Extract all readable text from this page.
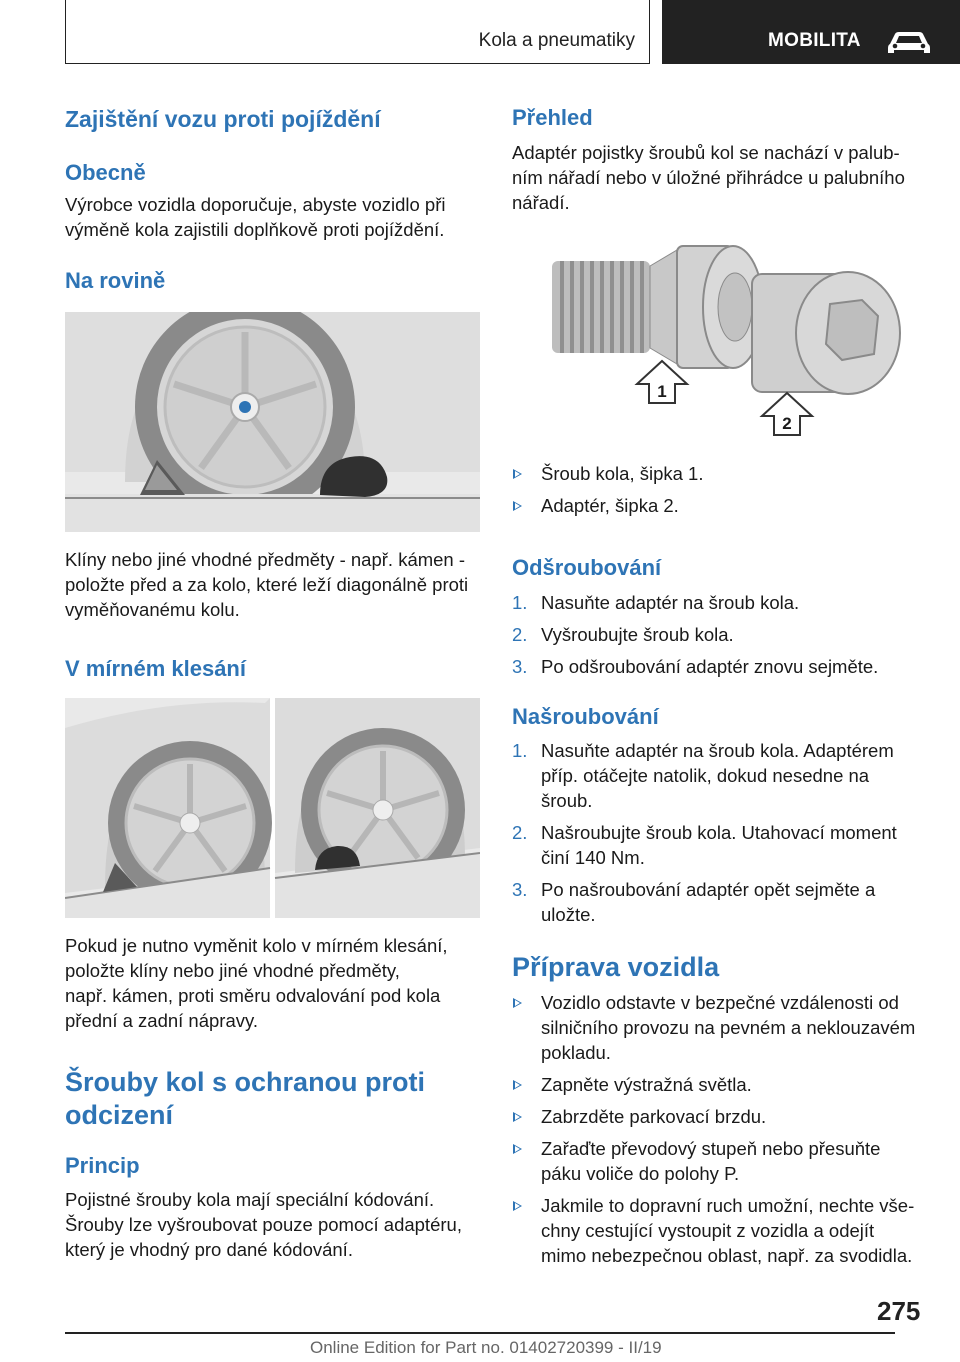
Kola a pneumatiky	MOBILITA
Zajištění vozu proti pojíždění
Obecně
Výrobce vozidla doporučuje, abyste vozidlo při
výměně kola zajistili doplňkově proti pojíždění.
Na rovině
Klíny nebo jiné vhodné předměty - např. kámen -
položte před a za kolo, které leží diagonálně proti
vyměňovanému kolu.
V mírném klesání
Pokud je nutno vyměnit kolo v mírném klesání,
položte klíny nebo jiné vhodné předměty,
např. kámen, proti směru odvalování pod kola
přední a zadní nápravy.
Šrouby kol s ochranou proti odcizení
Princip
Pojistné šrouby kola mají speciální kódování.
Šrouby lze vyšroubovat pouze pomocí adaptéru,
který je vhodný pro dané kódování.
Přehled
Adaptér pojistky šroubů kol se nachází v palub-
ním nářadí nebo v úložné přihrádce u palubního
nářadí.
1
2
Šroub kola, šipka 1.
Adaptér, šipka 2.
Odšroubování
1. Nasuňte adaptér na šroub kola.
2. Vyšroubujte šroub kola.
3. Po odšroubování adaptér znovu sejměte.
Našroubování
1. Nasuňte adaptér na šroub kola. Adaptérem
příp. otáčejte natolik, dokud nesedne na
šroub.
2. Našroubujte šroub kola. Utahovací moment
činí 140 Nm.
3. Po našroubování adaptér opět sejměte a
uložte.
Příprava vozidla
Vozidlo odstavte v bezpečné vzdálenosti od
silničního provozu na pevném a neklouzavém
pokladu.
Zapněte výstražná světla.
Zabrzděte parkovací brzdu.
Zařaďte převodový stupeň nebo přesuňte
páku voliče do polohy P.
Jakmile to dopravní ruch umožní, nechte vše-
chny cestující vystoupit z vozidla a odejít
mimo nebezpečnou oblast, např. za svodidla.
275
Online Edition for Part no. 01402720399 - II/19
